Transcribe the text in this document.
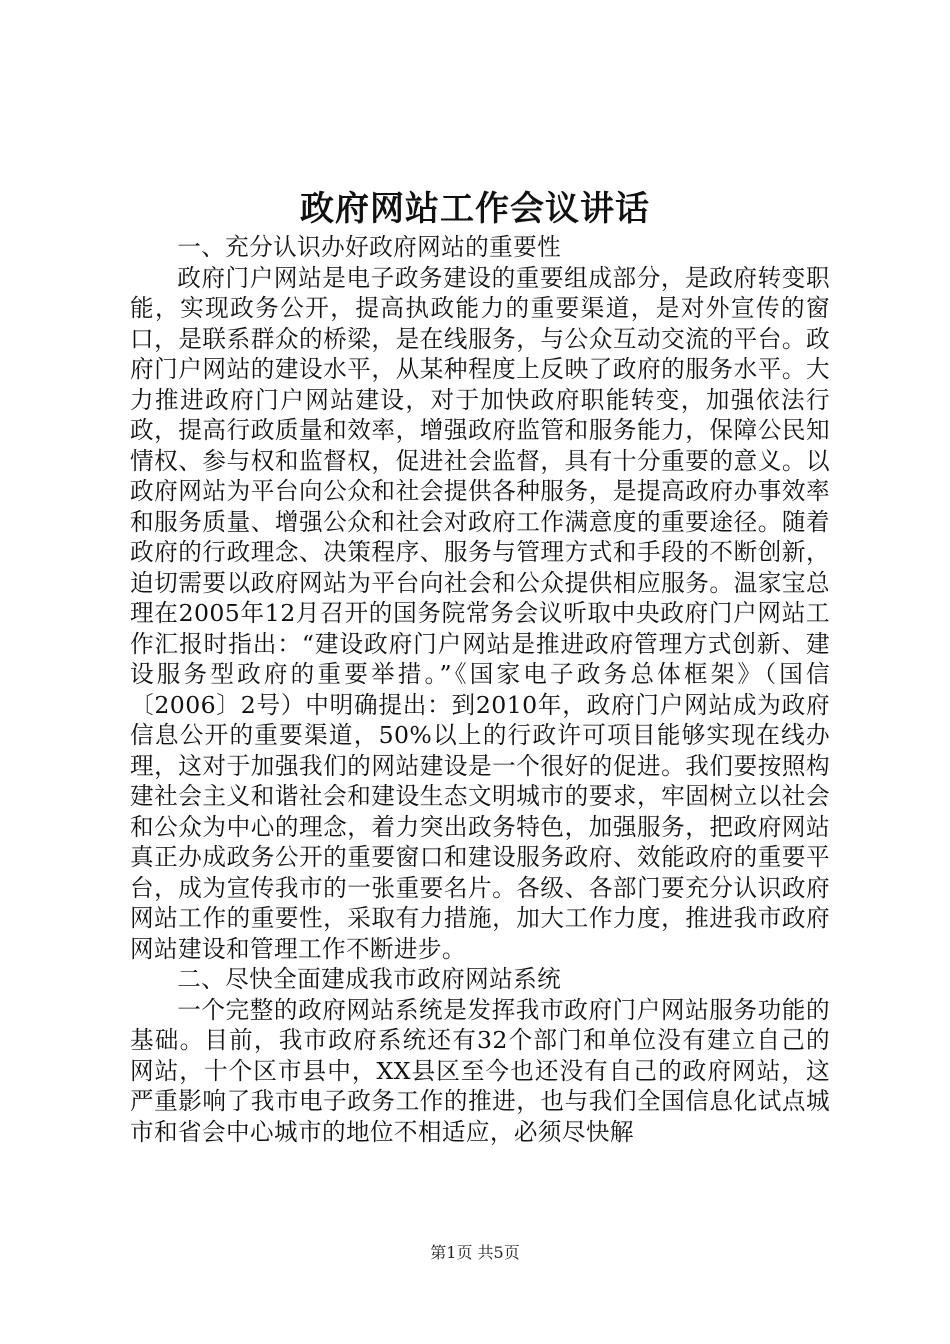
政府网站工作会议讲话

一、充分认识办好政府网站的重要性

政府门户网站是电子政务建设的重要组成部分，是政府转变职能，实现政务公开，提高执政能力的重要渠道，是对外宣传的窗口，是联系群众的桥梁，是在线服务，与公众互动交流的平台。政府门户网站的建设水平，从某种程度上反映了政府的服务水平。大力推进政府门户网站建设，对于加快政府职能转变，加强依法行政，提高行政质量和效率，增强政府监管和服务能力，保障公民知情权、参与权和监督权，促进社会监督，具有十分重要的意义。以政府网站为平台向公众和社会提供各种服务，是提高政府办事效率和服务质量、增强公众和社会对政府工作满意度的重要途径。随着政府的行政理念、决策程序、服务与管理方式和手段的不断创新，迫切需要以政府网站为平台向社会和公众提供相应服务。温家宝总理在2005年12月召开的国务院常务会议听取中央政府门户网站工作汇报时指出：“建设政府门户网站是推进政府管理方式创新、建设服务型政府的重要举措。”《国家电子政务总体框架》（国信〔2006〕2号）中明确提出：到2010年，政府门户网站成为政府信息公开的重要渠道，50%以上的行政许可项目能够实现在线办理，这对于加强我们的网站建设是一个很好的促进。我们要按照构建社会主义和谐社会和建设生态文明城市的要求，牢固树立以社会和公众为中心的理念，着力突出政务特色，加强服务，把政府网站真正办成政务公开的重要窗口和建设服务政府、效能政府的重要平台，成为宣传我市的一张重要名片。各级、各部门要充分认识政府网站工作的重要性，采取有力措施，加大工作力度，推进我市政府网站建设和管理工作不断进步。

二、尽快全面建成我市政府网站系统

一个完整的政府网站系统是发挥我市政府门户网站服务功能的基础。目前，我市政府系统还有32个部门和单位没有建立自己的网站，十个区市县中，XX县区至今也还没有自己的政府网站，这严重影响了我市电子政务工作的推进，也与我们全国信息化试点城市和省会中心城市的地位不相适应，必须尽快解

第1页 共5页
